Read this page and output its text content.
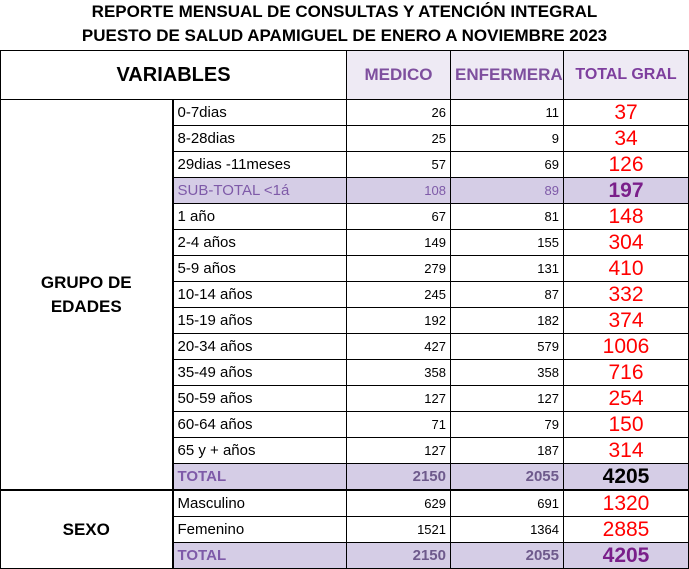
REPORTE MENSUAL DE CONSULTAS Y ATENCIÓN INTEGRAL
PUESTO DE SALUD APAMIGUEL DE ENERO A NOVIEMBRE 2023
VARIABLES		MEDICO	ENFERMERA	TOTAL GRAL
GRUPO DE
EDADES	0-7dias	26	11	37
	8-28dias	25	9	34
	29dias -11meses	57	69	126
	SUB-TOTAL <1á	108	89	197
	1 año	67	81	148
	2-4 años	149	155	304
	5-9 años	279	131	410
	10-14 años	245	87	332
	15-19 años	192	182	374
	20-34 años	427	579	1006
	35-49 años	358	358	716
	50-59 años	127	127	254
	60-64 años	71	79	150
	65 y + años	127	187	314
	TOTAL	2150	2055	4205
SEXO	Masculino	629	691	1320
	Femenino	1521	1364	2885
	TOTAL	2150	2055	4205
